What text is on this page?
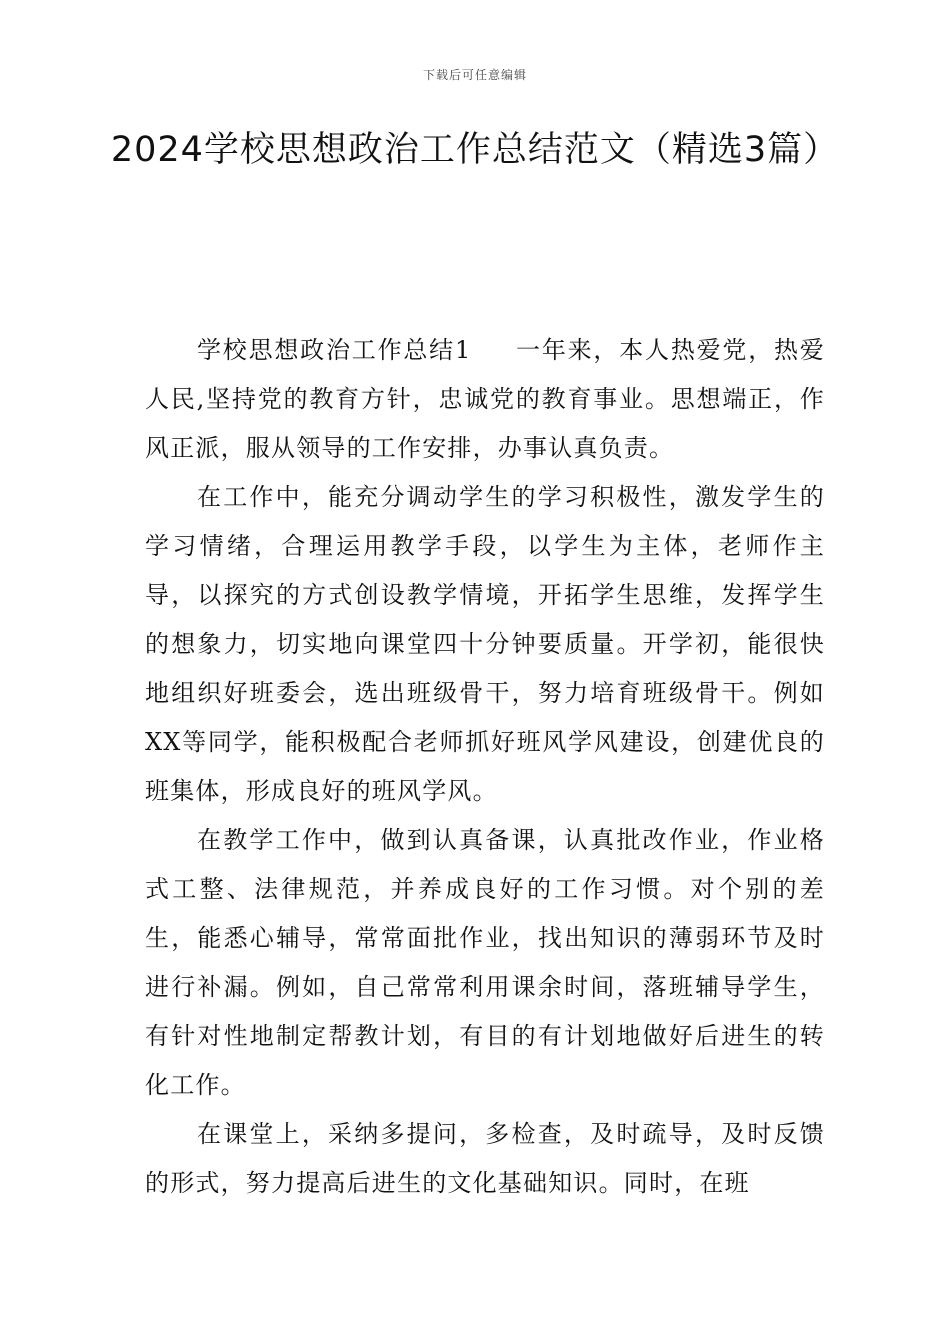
下载后可任意编辑
2024学校思想政治工作总结范文（精选3篇）

学校思想政治工作总结1 一年来，本人热爱党，热爱人民,坚持党的教育方针，忠诚党的教育事业。思想端正，作风正派，服从领导的工作安排，办事认真负责。

在工作中，能充分调动学生的学习积极性，激发学生的学习情绪，合理运用教学手段，以学生为主体，老师作主导，以探究的方式创设教学情境，开拓学生思维，发挥学生的想象力，切实地向课堂四十分钟要质量。开学初，能很快地组织好班委会，选出班级骨干，努力培育班级骨干。例如XX等同学，能积极配合老师抓好班风学风建设，创建优良的班集体，形成良好的班风学风。

在教学工作中，做到认真备课，认真批改作业，作业格式工整、法律规范，并养成良好的工作习惯。对个别的差生，能悉心辅导，常常面批作业，找出知识的薄弱环节及时进行补漏。例如，自己常常利用课余时间，落班辅导学生，有针对性地制定帮教计划，有目的有计划地做好后进生的转化工作。

在课堂上，采纳多提问，多检查，及时疏导，及时反馈的形式，努力提高后进生的文化基础知识。同时，在班
